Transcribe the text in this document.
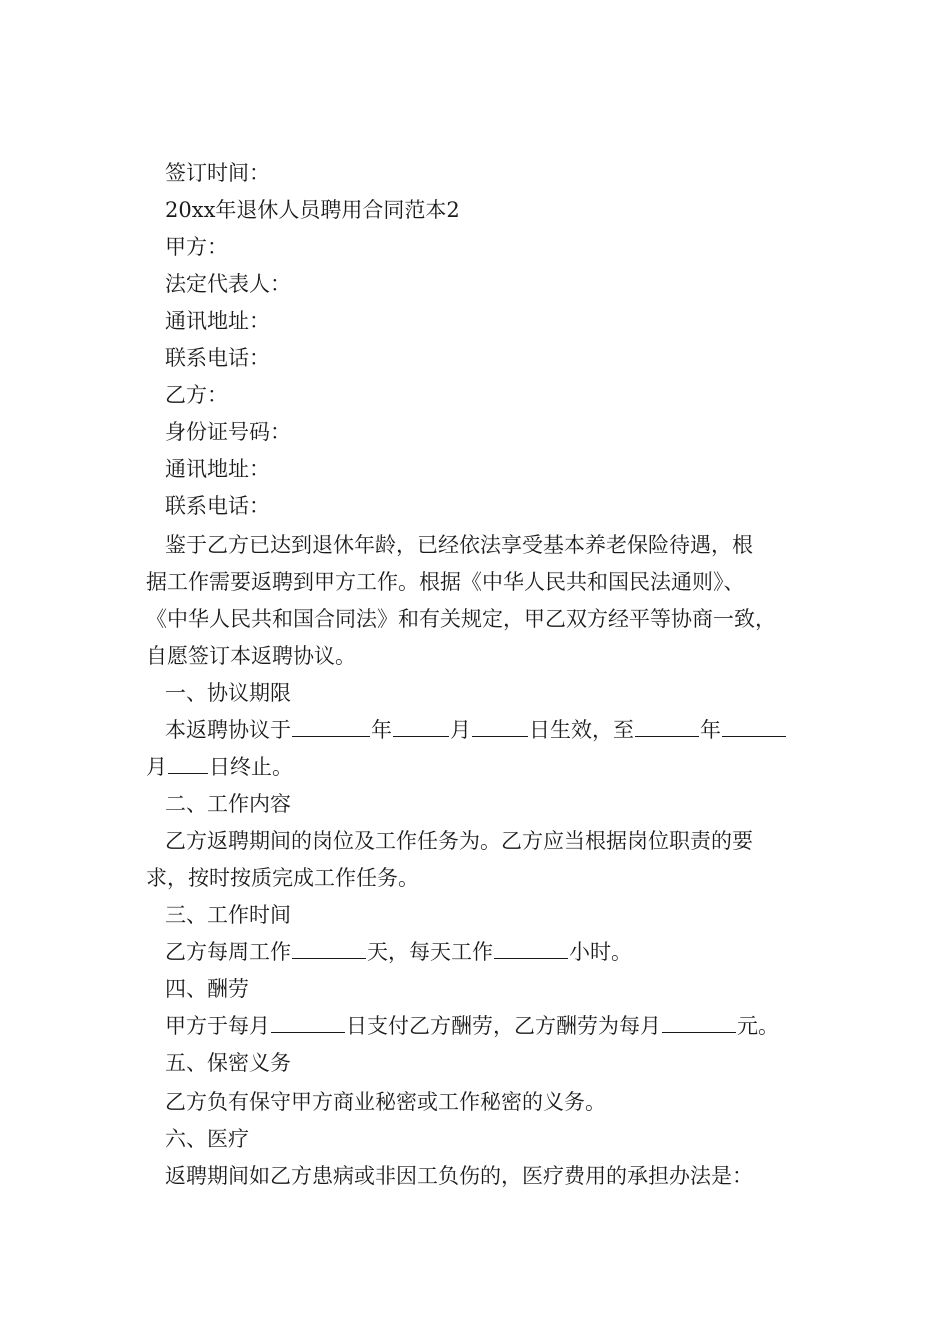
签订时间：
20xx年退休人员聘用合同范本2
甲方：
法定代表人：
通讯地址：
联系电话：
乙方：
身份证号码：
通讯地址：
联系电话：
鉴于乙方已达到退休年龄，已经依法享受基本养老保险待遇，根
据工作需要返聘到甲方工作。根据《中华人民共和国民法通则》、
《中华人民共和国合同法》和有关规定，甲乙双方经平等协商一致，
自愿签订本返聘协议。
一、协议期限
本返聘协议于	年	月	日生效，至	年
月 日终止。
二、工作内容
乙方返聘期间的岗位及工作任务为。乙方应当根据岗位职责的要
求，按时按质完成工作任务。
三、工作时间
乙方每周工作	天，每天工作	小时。
四、酬劳
甲方于每月	日支付乙方酬劳，乙方酬劳为每月	元。
五、保密义务
乙方负有保守甲方商业秘密或工作秘密的义务。
六、医疗
返聘期间如乙方患病或非因工负伤的，医疗费用的承担办法是：
